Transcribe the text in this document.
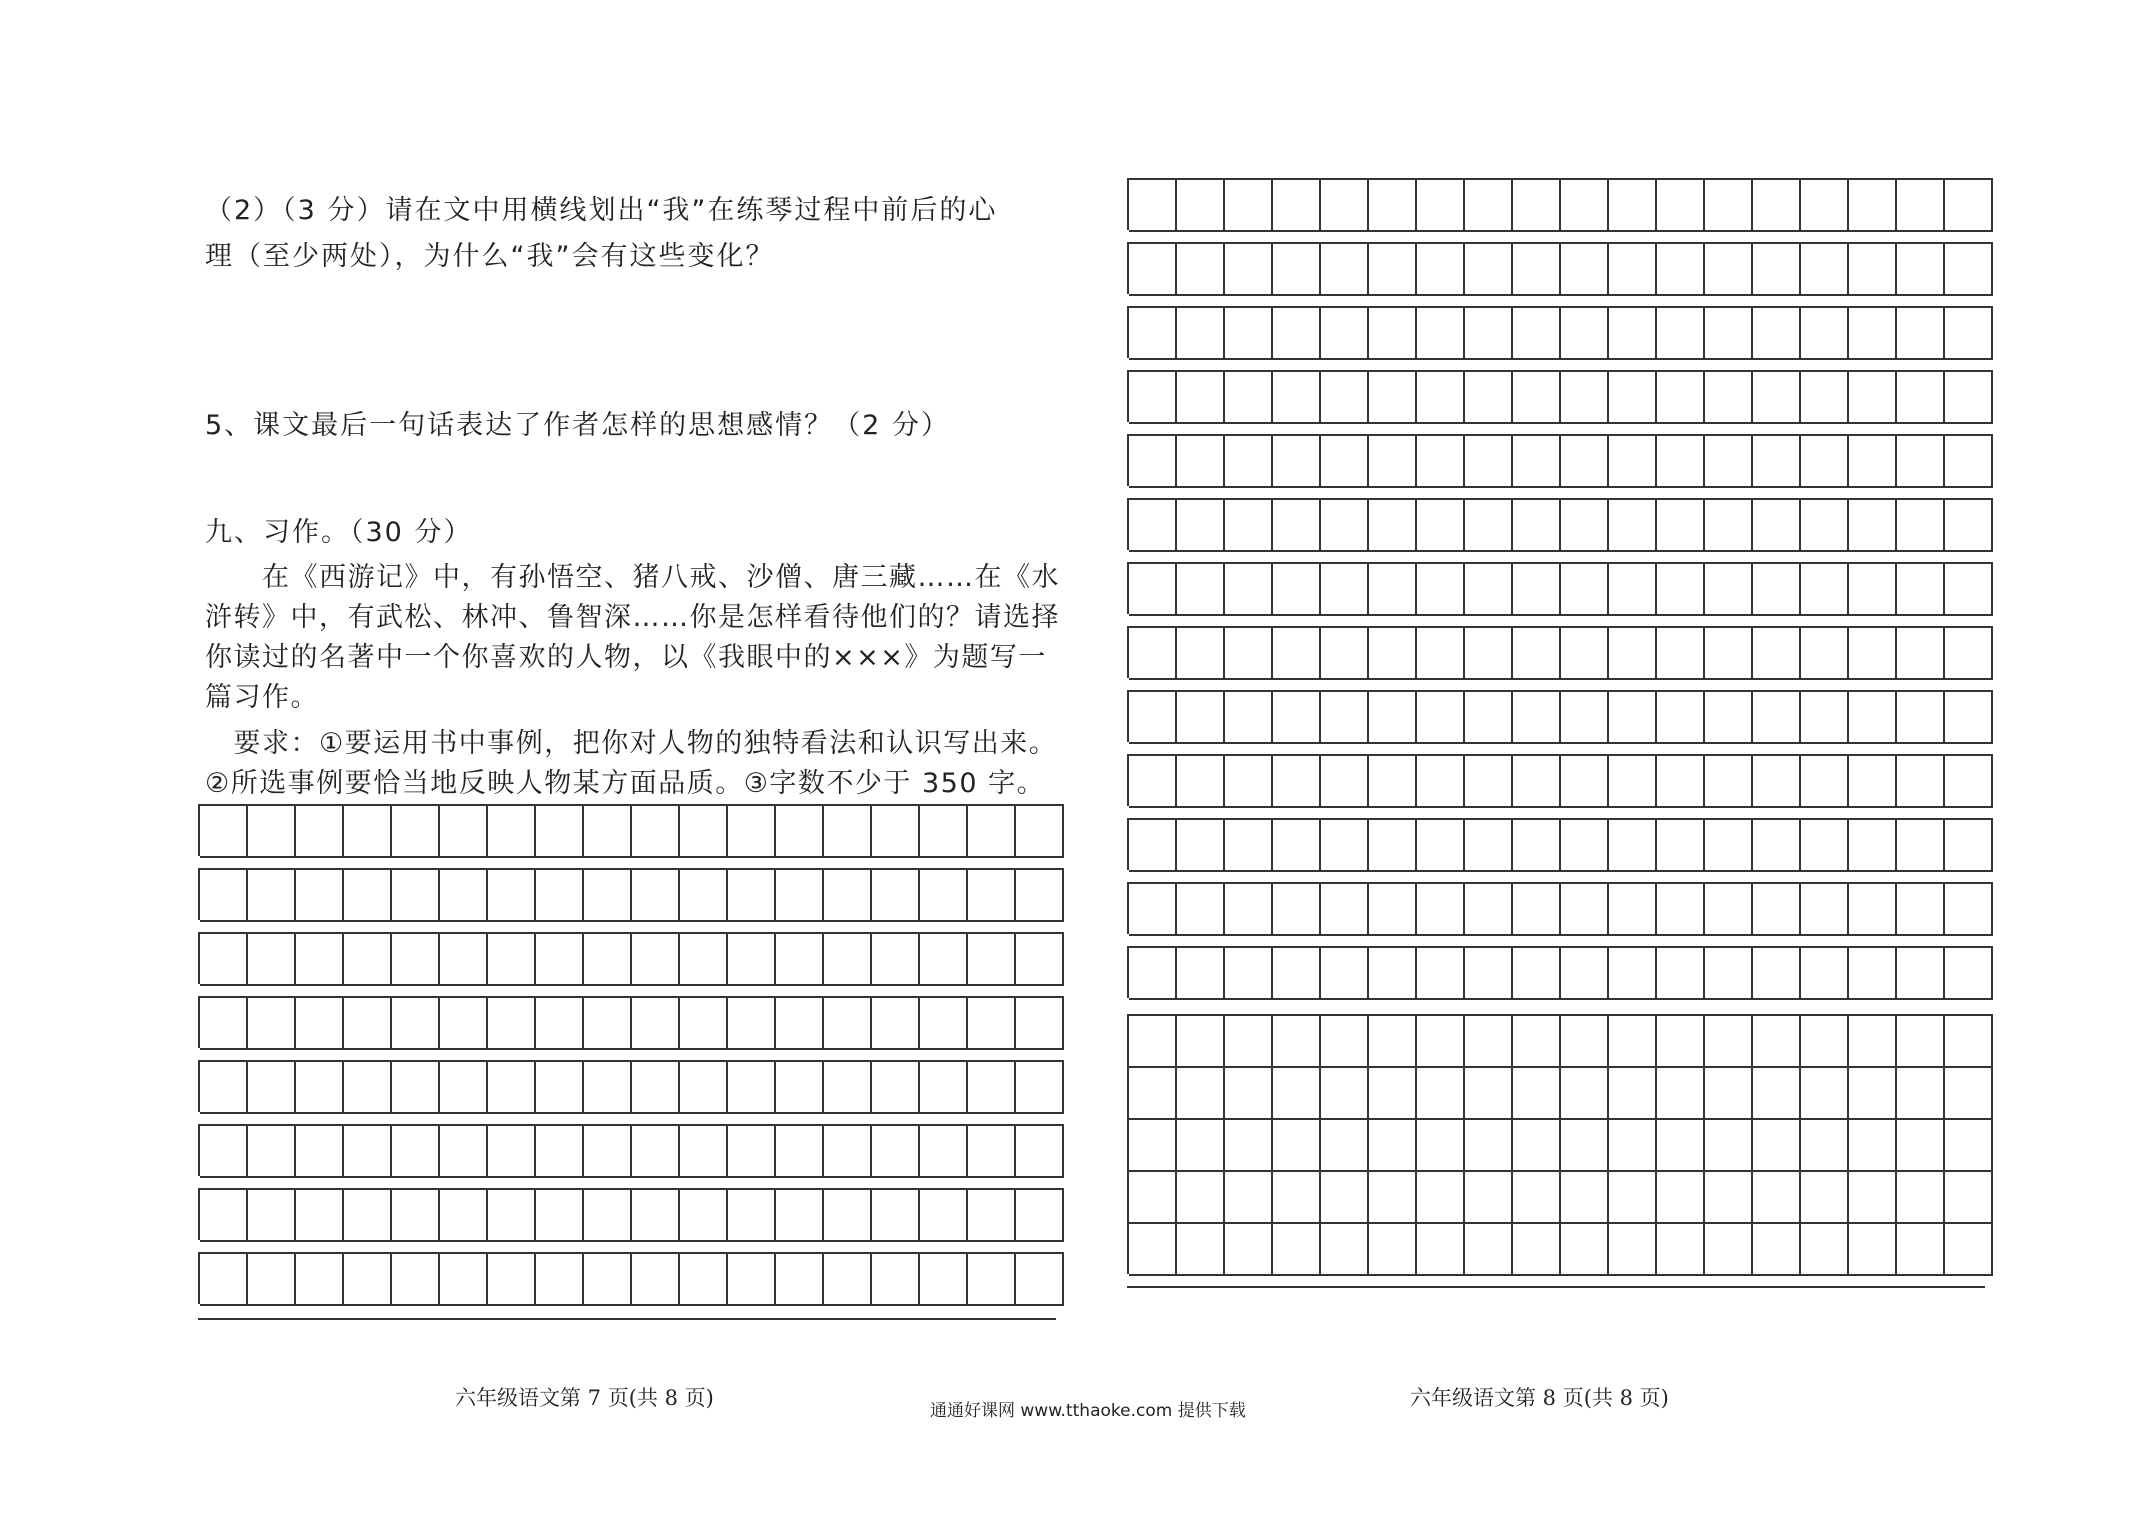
（2）（3 分）请在文中用横线划出“我”在练琴过程中前后的心

理（至少两处），为什么“我”会有这些变化？

5、课文最后一句话表达了作者怎样的思想感情？（2 分）

九、习作。（30 分）

　　在《西游记》中，有孙悟空、猪八戒、沙僧、唐三藏……在《水

浒转》中，有武松、林冲、鲁智深……你是怎样看待他们的？请选择

你读过的名著中一个你喜欢的人物，以《我眼中的×××》为题写一

篇习作。

　要求：①要运用书中事例，把你对人物的独特看法和认识写出来。

②所选事例要恰当地反映人物某方面品质。③字数不少于 350 字。

六年级语文第 7 页(共 8 页)

通通好课网 www.tthaoke.com 提供下载

六年级语文第 8 页(共 8 页)
